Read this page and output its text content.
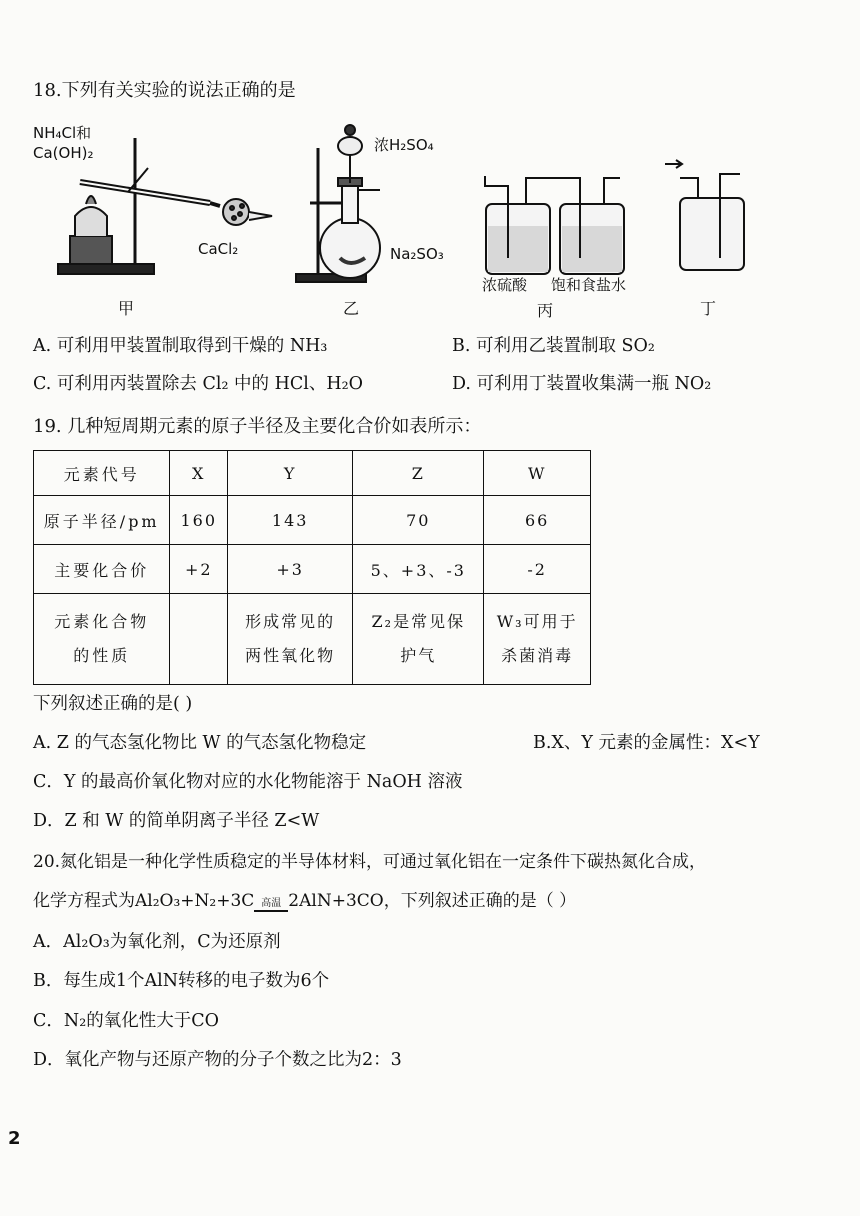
18.下列有关实验的说法正确的是
NH₄Cl和
Ca(OH)₂
CaCl₂
浓H₂SO₄
Na₂SO₃
浓硫酸 饱和食盐水
甲	乙	丙	丁
A. 可利用甲装置制取得到干燥的 NH₃	B. 可利用乙装置制取 SO₂
C. 可利用丙装置除去 Cl₂ 中的 HCl、H₂O	D. 可利用丁装置收集满一瓶 NO₂
19. 几种短周期元素的原子半径及主要化合价如表所示：
元素代号	X	Y	Z	W
原子半径/pm	160	143	70	66
主要化合价	+2	+3	5、+3、-3	-2
元素化合物的性质		形成常见的两性氧化物	Z₂是常见保护气	W₃可用于杀菌消毒
下列叙述正确的是( )
A. Z 的气态氢化物比 W 的气态氢化物稳定	B.X、Y 元素的金属性：X<Y
C．Y 的最高价氧化物对应的水化物能溶于 NaOH 溶液
D．Z 和 W 的简单阴离子半径 Z<W
20.氮化铝是一种化学性质稳定的半导体材料，可通过氧化铝在一定条件下碳热氮化合成，
化学方程式为Al₂O₃+N₂+3C 高温 2AlN+3CO，下列叙述正确的是（ ）
A．Al₂O₃为氧化剂，C为还原剂
B．每生成1个AlN转移的电子数为6个
C．N₂的氧化性大于CO
D．氧化产物与还原产物的分子个数之比为2：3
2
